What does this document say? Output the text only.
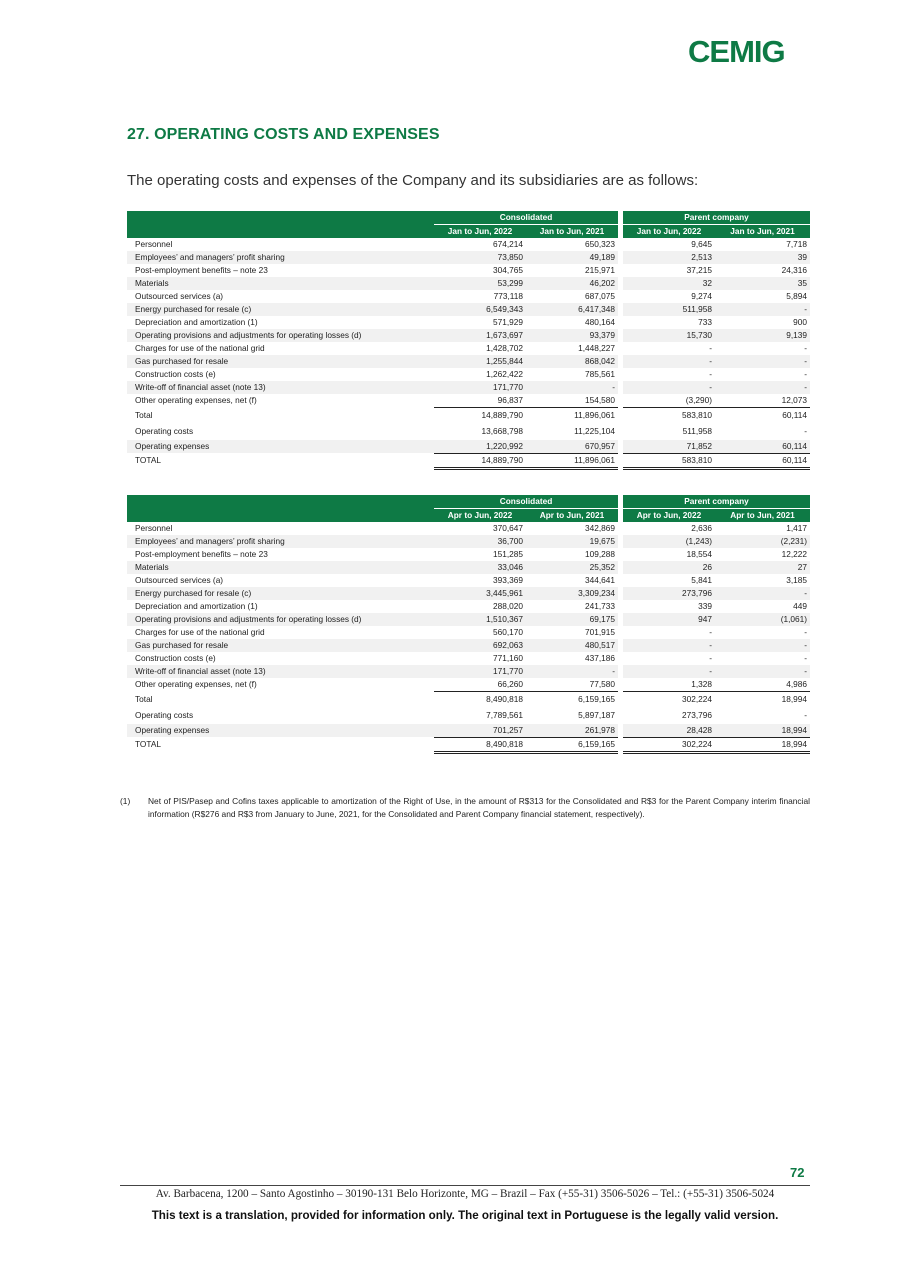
CEMIG
27. OPERATING COSTS AND EXPENSES
The operating costs and expenses of the Company and its subsidiaries are as follows:
	Consolidated			Parent company	
	Jan to Jun, 2022	Jan to Jun, 2021		Jan to Jun, 2022	Jan to Jun, 2021
Personnel	674,214	650,323		9,645	7,718
Employees’ and managers’ profit sharing	73,850	49,189		2,513	39
Post-employment benefits – note 23	304,765	215,971		37,215	24,316
Materials	53,299	46,202		32	35
Outsourced services (a)	773,118	687,075		9,274	5,894
Energy purchased for resale (c)	6,549,343	6,417,348		511,958	-
Depreciation and amortization (1)	571,929	480,164		733	900
Operating provisions and adjustments for operating losses (d)	1,673,697	93,379		15,730	9,139
Charges for use of the national grid	1,428,702	1,448,227		-	-
Gas purchased for resale	1,255,844	868,042		-	-
Construction costs (e)	1,262,422	785,561		-	-
Write-off of financial asset (note 13)	171,770	-		-	-
Other operating expenses, net (f)	96,837	154,580		(3,290)	12,073
Total	14,889,790	11,896,061		583,810	60,114
Operating costs	13,668,798	11,225,104		511,958	-
Operating expenses	1,220,992	670,957		71,852	60,114
TOTAL	14,889,790	11,896,061		583,810	60,114
	Consolidated			Parent company	
	Apr to Jun, 2022	Apr to Jun, 2021		Apr to Jun, 2022	Apr to Jun, 2021
Personnel	370,647	342,869		2,636	1,417
Employees’ and managers’ profit sharing	36,700	19,675		(1,243)	(2,231)
Post-employment benefits – note 23	151,285	109,288		18,554	12,222
Materials	33,046	25,352		26	27
Outsourced services (a)	393,369	344,641		5,841	3,185
Energy purchased for resale (c)	3,445,961	3,309,234		273,796	-
Depreciation and amortization (1)	288,020	241,733		339	449
Operating provisions and adjustments for operating losses (d)	1,510,367	69,175		947	(1,061)
Charges for use of the national grid	560,170	701,915		-	-
Gas purchased for resale	692,063	480,517		-	-
Construction costs (e)	771,160	437,186		-	-
Write-off of financial asset (note 13)	171,770	-		-	-
Other operating expenses, net (f)	66,260	77,580		1,328	4,986
Total	8,490,818	6,159,165		302,224	18,994
Operating costs	7,789,561	5,897,187		273,796	-
Operating expenses	701,257	261,978		28,428	18,994
TOTAL	8,490,818	6,159,165		302,224	18,994
(1) Net of PIS/Pasep and Cofins taxes applicable to amortization of the Right of Use, in the amount of R$313 for the Consolidated and R$3 for the Parent Company interim financial information (R$276 and R$3 from January to June, 2021, for the Consolidated and Parent Company financial statement, respectively).
72
Av. Barbacena, 1200 – Santo Agostinho – 30190-131 Belo Horizonte, MG – Brazil – Fax (+55-31) 3506-5026 – Tel.: (+55-31) 3506-5024
This text is a translation, provided for information only. The original text in Portuguese is the legally valid version.
